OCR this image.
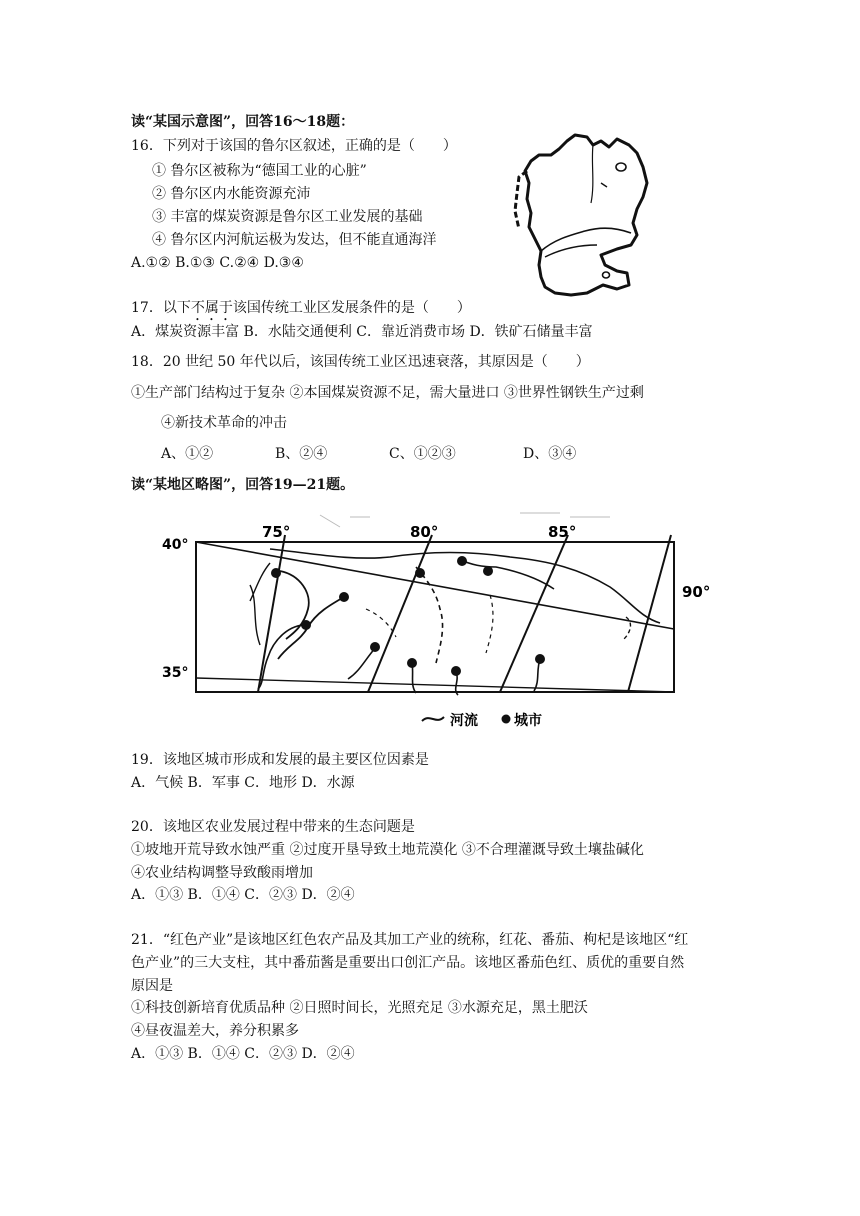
读“某国示意图”，回答16～18题：
16．下列对于该国的鲁尔区叙述，正确的是（　　）
① 鲁尔区被称为“德国工业的心脏”
② 鲁尔区内水能资源充沛
③ 丰富的煤炭资源是鲁尔区工业发展的基础
④ 鲁尔区内河航运极为发达，但不能直通海洋
A.①② B.①③ C.②④ D.③④
17．以下不属于该国传统工业区发展条件的是（　　）
A．煤炭资源丰富 B．水陆交通便利 C．靠近消费市场 D．铁矿石储量丰富
18．20 世纪 50 年代以后，该国传统工业区迅速衰落，其原因是（　　）
①生产部门结构过于复杂 ②本国煤炭资源不足，需大量进口 ③世界性钢铁生产过剩
④新技术革命的冲击
A、①②	B、②④	C、①②③	D、③④
读“某地区略图”，回答19—21题。
40°
35°
75°	80°	85°
90°
河流	城市
19．该地区城市形成和发展的最主要区位因素是
A．气候 B．军事 C．地形 D．水源
20．该地区农业发展过程中带来的生态问题是
①坡地开荒导致水蚀严重 ②过度开垦导致土地荒漠化 ③不合理灌溉导致土壤盐碱化
④农业结构调整导致酸雨增加
A．①③ B．①④ C．②③ D．②④
21．“红色产业”是该地区红色农产品及其加工产业的统称，红花、番茄、枸杞是该地区“红
色产业”的三大支柱，其中番茄酱是重要出口创汇产品。该地区番茄色红、质优的重要自然
原因是
①科技创新培育优质品种 ②日照时间长，光照充足 ③水源充足，黑土肥沃
④昼夜温差大，养分积累多
A．①③ B．①④ C．②③ D．②④
